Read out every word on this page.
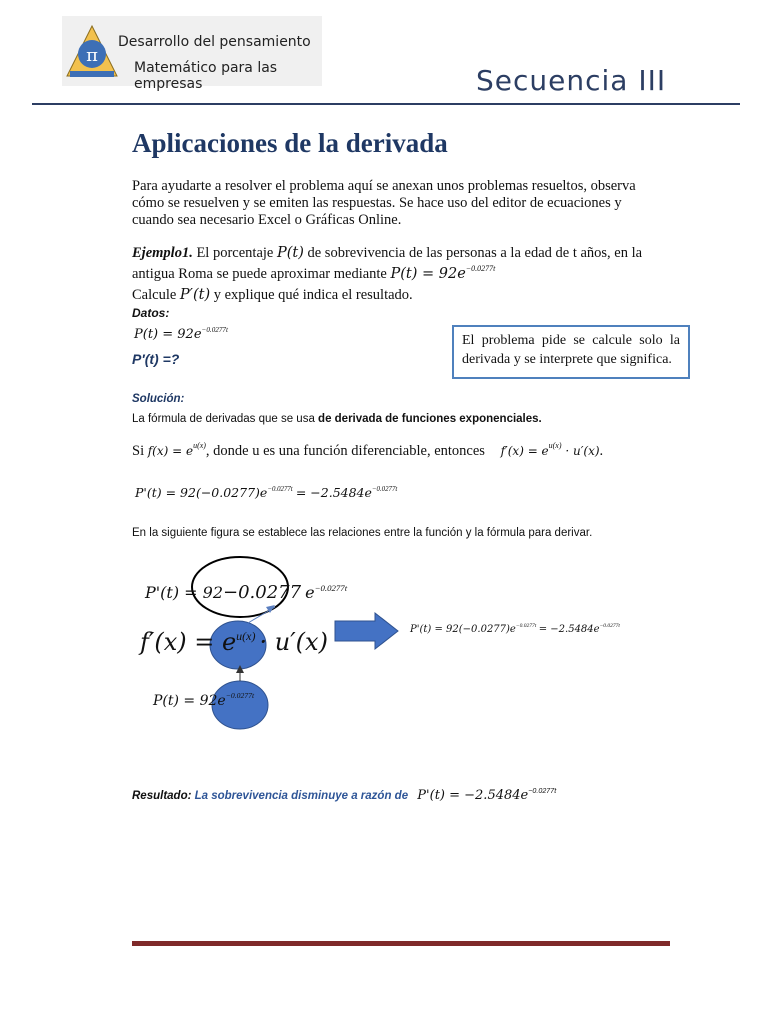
π
Desarrollo del pensamiento
Matemático para las empresas	Secuencia III
Aplicaciones de la derivada
Para ayudarte a resolver el problema aquí se anexan unos problemas resueltos, observa cómo se resuelven y se emiten las respuestas. Se hace uso del editor de ecuaciones y cuando sea necesario Excel o Gráficas Online.
Ejemplo1. El porcentaje P(t) de sobrevivencia de las personas a la edad de t años, en la
antigua Roma se puede aproximar mediante $P(t) = 92e^{-0.0277t}$
Calcule P′(t) y explique qué indica el resultado.
Datos:
$P(t) = 92e^{-0.0277t}$
P′(t) =?
El problema pide se calcule solo la derivada y se interprete que significa.
Solución:
La fórmula de derivadas que se usa de derivada de funciones exponenciales.
Si $f(x) = e^{u(x)}$, donde u es una función diferenciable, entonces $f'(x) = e^{u(x)} \cdot u'(x)$.
$P'(t) = 92(-0.0277)e^{-0.0277t} = -2.5484e^{-0.0277t}$
En la siguiente figura se establece las relaciones entre la función y la fórmula para derivar.
P'(t) = 92−0.0277 $e^{-0.0277t}$
$f'(x) = e^{u(x)} \cdot u'(x)$
$P(t) = 92e^{-0.0277t}$
$P'(t) = 92(-0.0277)e^{-0.0277t} = -2.5484e^{-0.0277t}$
Resultado: La sobrevivencia disminuye a razón de $P'(t) = -2.5484e^{-0.0277t}$
